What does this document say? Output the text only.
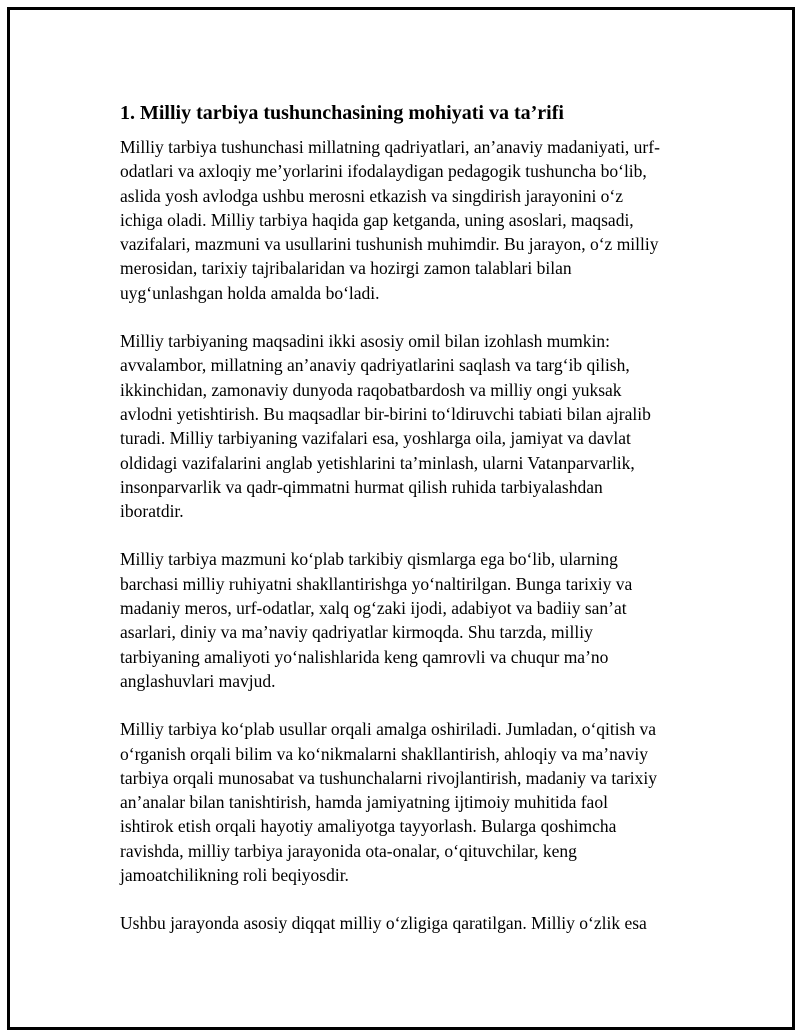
1. Milliy tarbiya tushunchasining mohiyati va ta’rifi
Milliy tarbiya tushunchasi millatning qadriyatlari, an’anaviy madaniyati, urf-
odatlari va axloqiy me’yorlarini ifodalaydigan pedagogik tushuncha bo‘lib,
aslida yosh avlodga ushbu merosni etkazish va singdirish jarayonini o‘z
ichiga oladi. Milliy tarbiya haqida gap ketganda, uning asoslari, maqsadi,
vazifalari, mazmuni va usullarini tushunish muhimdir. Bu jarayon, o‘z milliy
merosidan, tarixiy tajribalaridan va hozirgi zamon talablari bilan
uyg‘unlashgan holda amalda bo‘ladi.
Milliy tarbiyaning maqsadini ikki asosiy omil bilan izohlash mumkin:
avvalambor, millatning an’anaviy qadriyatlarini saqlash va targ‘ib qilish,
ikkinchidan, zamonaviy dunyoda raqobatbardosh va milliy ongi yuksak
avlodni yetishtirish. Bu maqsadlar bir-birini to‘ldiruvchi tabiati bilan ajralib
turadi. Milliy tarbiyaning vazifalari esa, yoshlarga oila, jamiyat va davlat
oldidagi vazifalarini anglab yetishlarini ta’minlash, ularni Vatanparvarlik,
insonparvarlik va qadr-qimmatni hurmat qilish ruhida tarbiyalashdan
iboratdir.
Milliy tarbiya mazmuni ko‘plab tarkibiy qismlarga ega bo‘lib, ularning
barchasi milliy ruhiyatni shakllantirishga yo‘naltirilgan. Bunga tarixiy va
madaniy meros, urf-odatlar, xalq og‘zaki ijodi, adabiyot va badiiy san’at
asarlari, diniy va ma’naviy qadriyatlar kirmoqda. Shu tarzda, milliy
tarbiyaning amaliyoti yo‘nalishlarida keng qamrovli va chuqur ma’no
anglashuvlari mavjud.
Milliy tarbiya ko‘plab usullar orqali amalga oshiriladi. Jumladan, o‘qitish va
o‘rganish orqali bilim va ko‘nikmalarni shakllantirish, ahloqiy va ma’naviy
tarbiya orqali munosabat va tushunchalarni rivojlantirish, madaniy va tarixiy
an’analar bilan tanishtirish, hamda jamiyatning ijtimoiy muhitida faol
ishtirok etish orqali hayotiy amaliyotga tayyorlash. Bularga qoshimcha
ravishda, milliy tarbiya jarayonida ota-onalar, o‘qituvchilar, keng
jamoatchilikning roli beqiyosdir.
Ushbu jarayonda asosiy diqqat milliy o‘zligiga qaratilgan. Milliy o‘zlik esa
